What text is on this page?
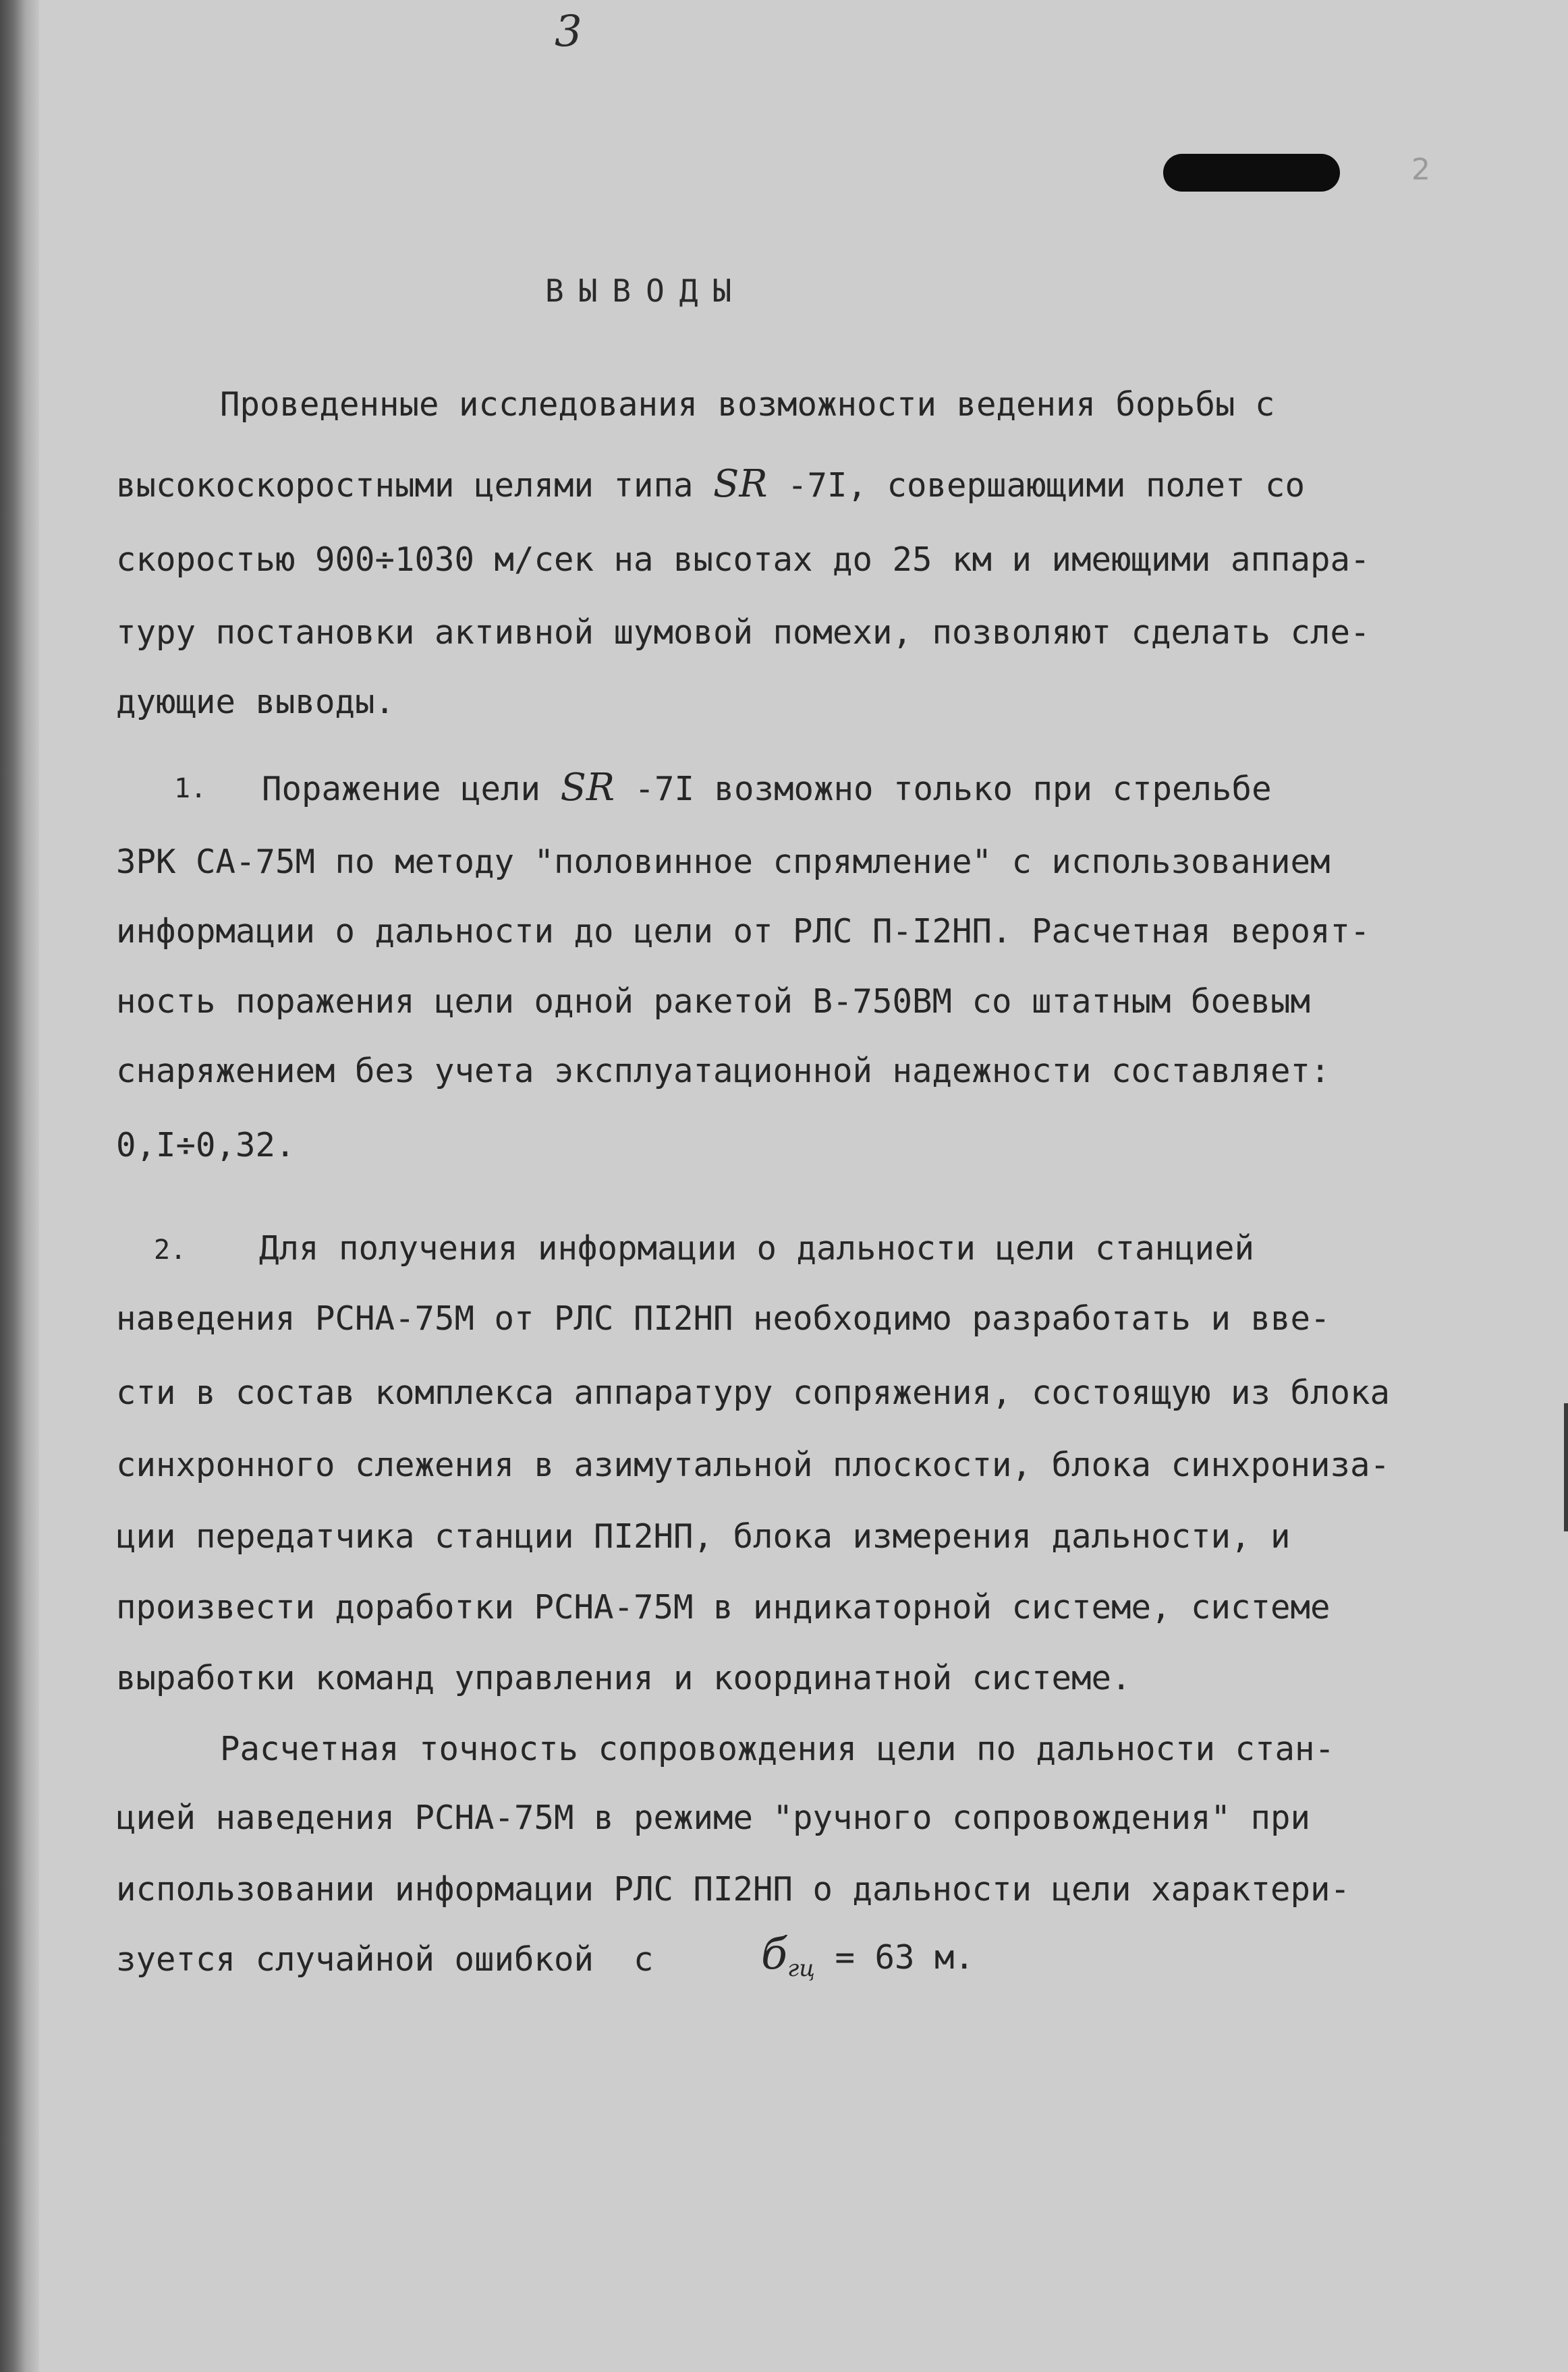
3
2
ВЫВОДЫ
Проведенные исследования возможности ведения борьбы с
высокоскоростными целями типа SR -7I, совершающими полет со
скоростью 900÷1030 м/сек на высотах до 25 км и имеющими аппара-
туру постановки активной шумовой помехи, позволяют сделать сле-
дующие выводы.
1. Поражение цели SR -7I возможно только при стрельбе
ЗРК СА-75М по методу "половинное спрямление" с использованием
информации о дальности до цели от РЛС П-I2НП. Расчетная вероят-
ность поражения цели одной ракетой В-750ВМ со штатным боевым
снаряжением без учета эксплуатационной надежности составляет:
0,I÷0,32.
2. Для получения информации о дальности цели станцией
наведения РСНА-75М от РЛС ПI2НП необходимо разработать и вве-
сти в состав комплекса аппаратуру сопряжения, состоящую из блока
синхронного слежения в азимутальной плоскости, блока синхрониза-
ции передатчика станции ПI2НП, блока измерения дальности, и
произвести доработки РСНА-75М в индикаторной системе, системе
выработки команд управления и координатной системе.
Расчетная точность сопровождения цели по дальности стан-
цией наведения РСНА-75М в режиме "ручного сопровождения" при
использовании информации РЛС ПI2НП о дальности цели характери-
зуется случайной ошибкой  с $б_{гц} = 63$ м.
